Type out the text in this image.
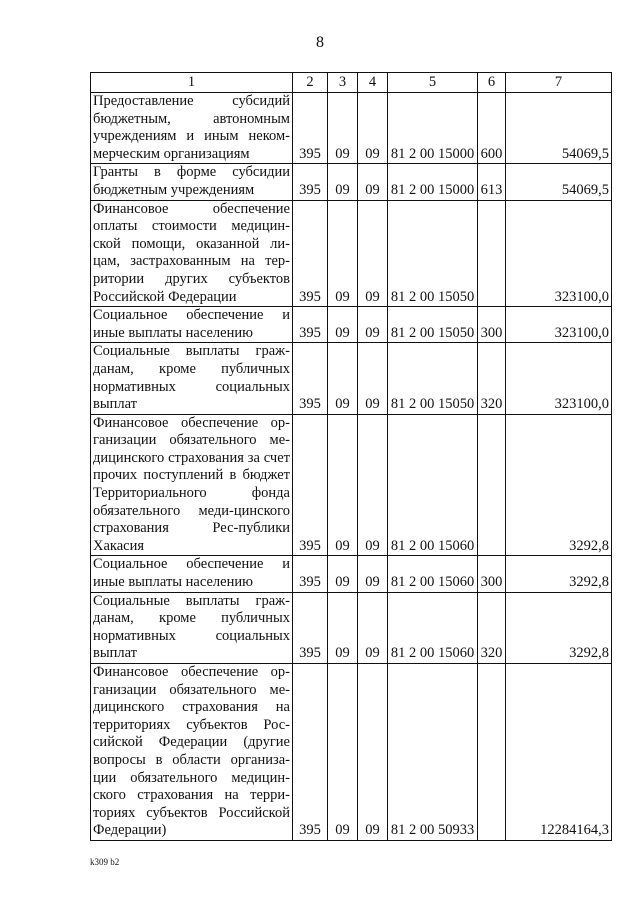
8
1	2	3	4	5	6	7
Предоставление субсидий бюджетным, автономным учреждениям и иным неком-мерческим организациям	395	09	09	81 2 00 15000	600	54069,5
Гранты в форме субсидии бюджетным учреждениям	395	09	09	81 2 00 15000	613	54069,5
Финансовое обеспечение оплаты стоимости медицин-ской помощи, оказанной ли-цам, застрахованным на тер-ритории других субъектов Российской Федерации	395	09	09	81 2 00 15050		323100,0
Социальное обеспечение и иные выплаты населению	395	09	09	81 2 00 15050	300	323100,0
Социальные выплаты граж-данам, кроме публичных нормативных социальных выплат	395	09	09	81 2 00 15050	320	323100,0
Финансовое обеспечение ор-ганизации обязательного ме-дицинского страхования за счет прочих поступлений в бюджет Территориального фонда обязательного меди-цинского страхования Рес-публики Хакасия	395	09	09	81 2 00 15060		3292,8
Социальное обеспечение и иные выплаты населению	395	09	09	81 2 00 15060	300	3292,8
Социальные выплаты граж-данам, кроме публичных нормативных социальных выплат	395	09	09	81 2 00 15060	320	3292,8
Финансовое обеспечение ор-ганизации обязательного ме-дицинского страхования на территориях субъектов Рос-сийской Федерации (другие вопросы в области организа-ции обязательного медицин-ского страхования на терри-ториях субъектов Российской Федерации)	395	09	09	81 2 00 50933		12284164,3
k309 b2
